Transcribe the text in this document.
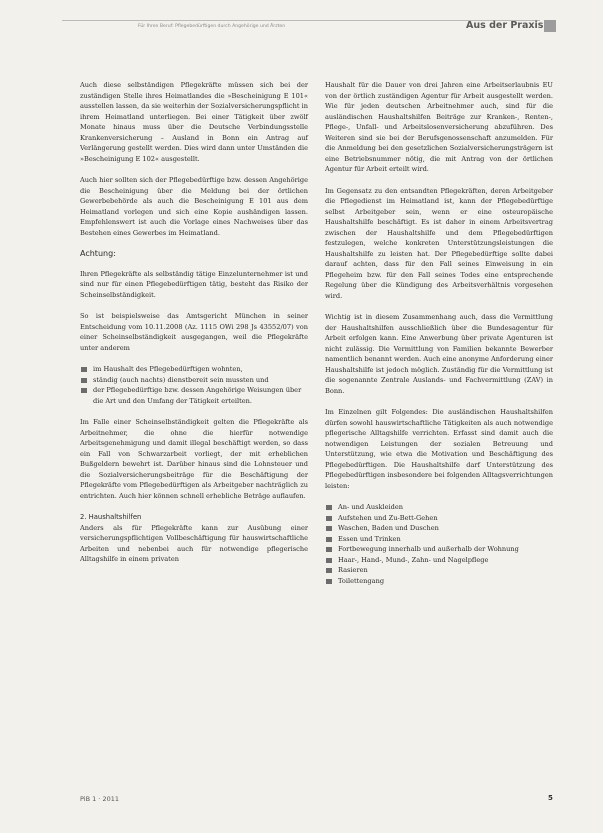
Für Ihren Beruf: Pflegebedürftigen durch Angehörige und Ärzten	Aus der Praxis

Auch diese selbständigen Pflegekräfte müssen sich bei der zuständigen Stelle ihres Heimatlandes die »Bescheinigung E 101« ausstellen lassen, da sie weiterhin der Sozialversicherungspflicht in ihrem Heimatland unterliegen. Bei einer Tätigkeit über zwölf Monate hinaus muss über die Deutsche Verbindungsstelle Krankenversicherung – Ausland in Bonn ein Antrag auf Verlängerung gestellt werden. Dies wird dann unter Umständen die »Bescheinigung E 102« ausgestellt.

Auch hier sollten sich der Pflegebedürftige bzw. dessen Angehörige die Bescheinigung über die Meldung bei der örtlichen Gewerbebehörde als auch die Bescheinigung E 101 aus dem Heimatland vorlegen und sich eine Kopie aushändigen lassen. Empfehlenswert ist auch die Vorlage eines Nachweises über das Bestehen eines Gewerbes im Heimatland.

Achtung:

Ihren Pflegekräfte als selbständig tätige Einzelunternehmer ist und sind nur für einen Pflegebedürftigen tätig, besteht das Risiko der Scheinselbständigkeit.

So ist beispielsweise das Amtsgericht München in seiner Entscheidung vom 10.11.2008 (Az. 1115 OWi 298 Js 43552/07) von einer Scheinselbständigkeit ausgegangen, weil die Pflegekräfte unter anderem

im Haushalt des Pflegebedürftigen wohnten,
ständig (auch nachts) dienstbereit sein mussten und
der Pflegebedürftige bzw. dessen Angehörige Weisungen über die Art und den Umfang der Tätigkeit erteilten.

Im Falle einer Scheinselbständigkeit gelten die Pflegekräfte als Arbeitnehmer, die ohne die hierfür notwendige Arbeitsgenehmigung und damit illegal beschäftigt werden, so dass ein Fall von Schwarzarbeit vorliegt, der mit erheblichen Bußgeldern bewehrt ist. Darüber hinaus sind die Lohnsteuer und die Sozialversicherungsbeiträge für die Beschäftigung der Pflegekräfte vom Pflegebedürftigen als Arbeitgeber nachträglich zu entrichten. Auch hier können schnell erhebliche Beträge auflaufen.

2. Haushaltshilfen

Anders als für Pflegekräfte kann zur Ausübung einer versicherungspflichtigen Vollbeschäftigung für hauswirtschaftliche Arbeiten und nebenbei auch für notwendige pflegerische Alltagshilfe in einem privaten

Haushalt für die Dauer von drei Jahren eine Arbeitserlaubnis EU von der örtlich zuständigen Agentur für Arbeit ausgestellt werden. Wie für jeden deutschen Arbeitnehmer auch, sind für die ausländischen Haushaltshilfen Beiträge zur Kranken-, Renten-, Pflege-, Unfall- und Arbeitslosenversicherung abzuführen. Des Weiteren sind sie bei der Berufsgenossenschaft anzumelden. Für die Anmeldung bei den gesetzlichen Sozialversicherungsträgern ist eine Betriebsnummer nötig, die mit Antrag von der örtlichen Agentur für Arbeit erteilt wird.

Im Gegensatz zu den entsandten Pflegekräften, deren Arbeitgeber die Pflegedienst im Heimatland ist, kann der Pflegebedürftige selbst Arbeitgeber sein, wenn er eine osteuropäische Haushaltshilfe beschäftigt. Es ist daher in einem Arbeitsvertrag zwischen der Haushaltshilfe und dem Pflegebedürftigen festzulegen, welche konkreten Unterstützungsleistungen die Haushaltshilfe zu leisten hat. Der Pflegebedürftige sollte dabei darauf achten, dass für den Fall seines Einweisung in ein Pflegeheim bzw. für den Fall seines Todes eine entsprechende Regelung über die Kündigung des Arbeitsverhältnis vorgesehen wird.

Wichtig ist in diesem Zusammenhang auch, dass die Vermittlung der Haushaltshilfen ausschließlich über die Bundesagentur für Arbeit erfolgen kann. Eine Anwerbung über private Agenturen ist nicht zulässig. Die Vermittlung von Familien bekannte Bewerber namentlich benannt werden. Auch eine anonyme Anforderung einer Haushaltshilfe ist jedoch möglich. Zuständig für die Vermittlung ist die sogenannte Zentrale Auslands- und Fachvermittlung (ZAV) in Bonn.

Im Einzelnen gilt Folgendes: Die ausländischen Haushaltshilfen dürfen sowohl hauswirtschaftliche Tätigkeiten als auch notwendige pflegerische Alltagshilfe verrichten. Erfasst sind damit auch die notwendigen Leistungen der sozialen Betreuung und Unterstützung, wie etwa die Motivation und Beschäftigung des Pflegebedürftigen. Die Haushaltshilfe darf Unterstützung des Pflegebedürftigen insbesondere bei folgenden Alltagsverrichtungen leisten:

An- und Auskleiden
Aufstehen und Zu-Bett-Gehen
Waschen, Baden und Duschen
Essen und Trinken
Fortbewegung innerhalb und außerhalb der Wohnung
Haar-, Hand-, Mund-, Zahn- und Nagelpflege
Rasieren
Toilettengang
PiB 1 · 2011	5
